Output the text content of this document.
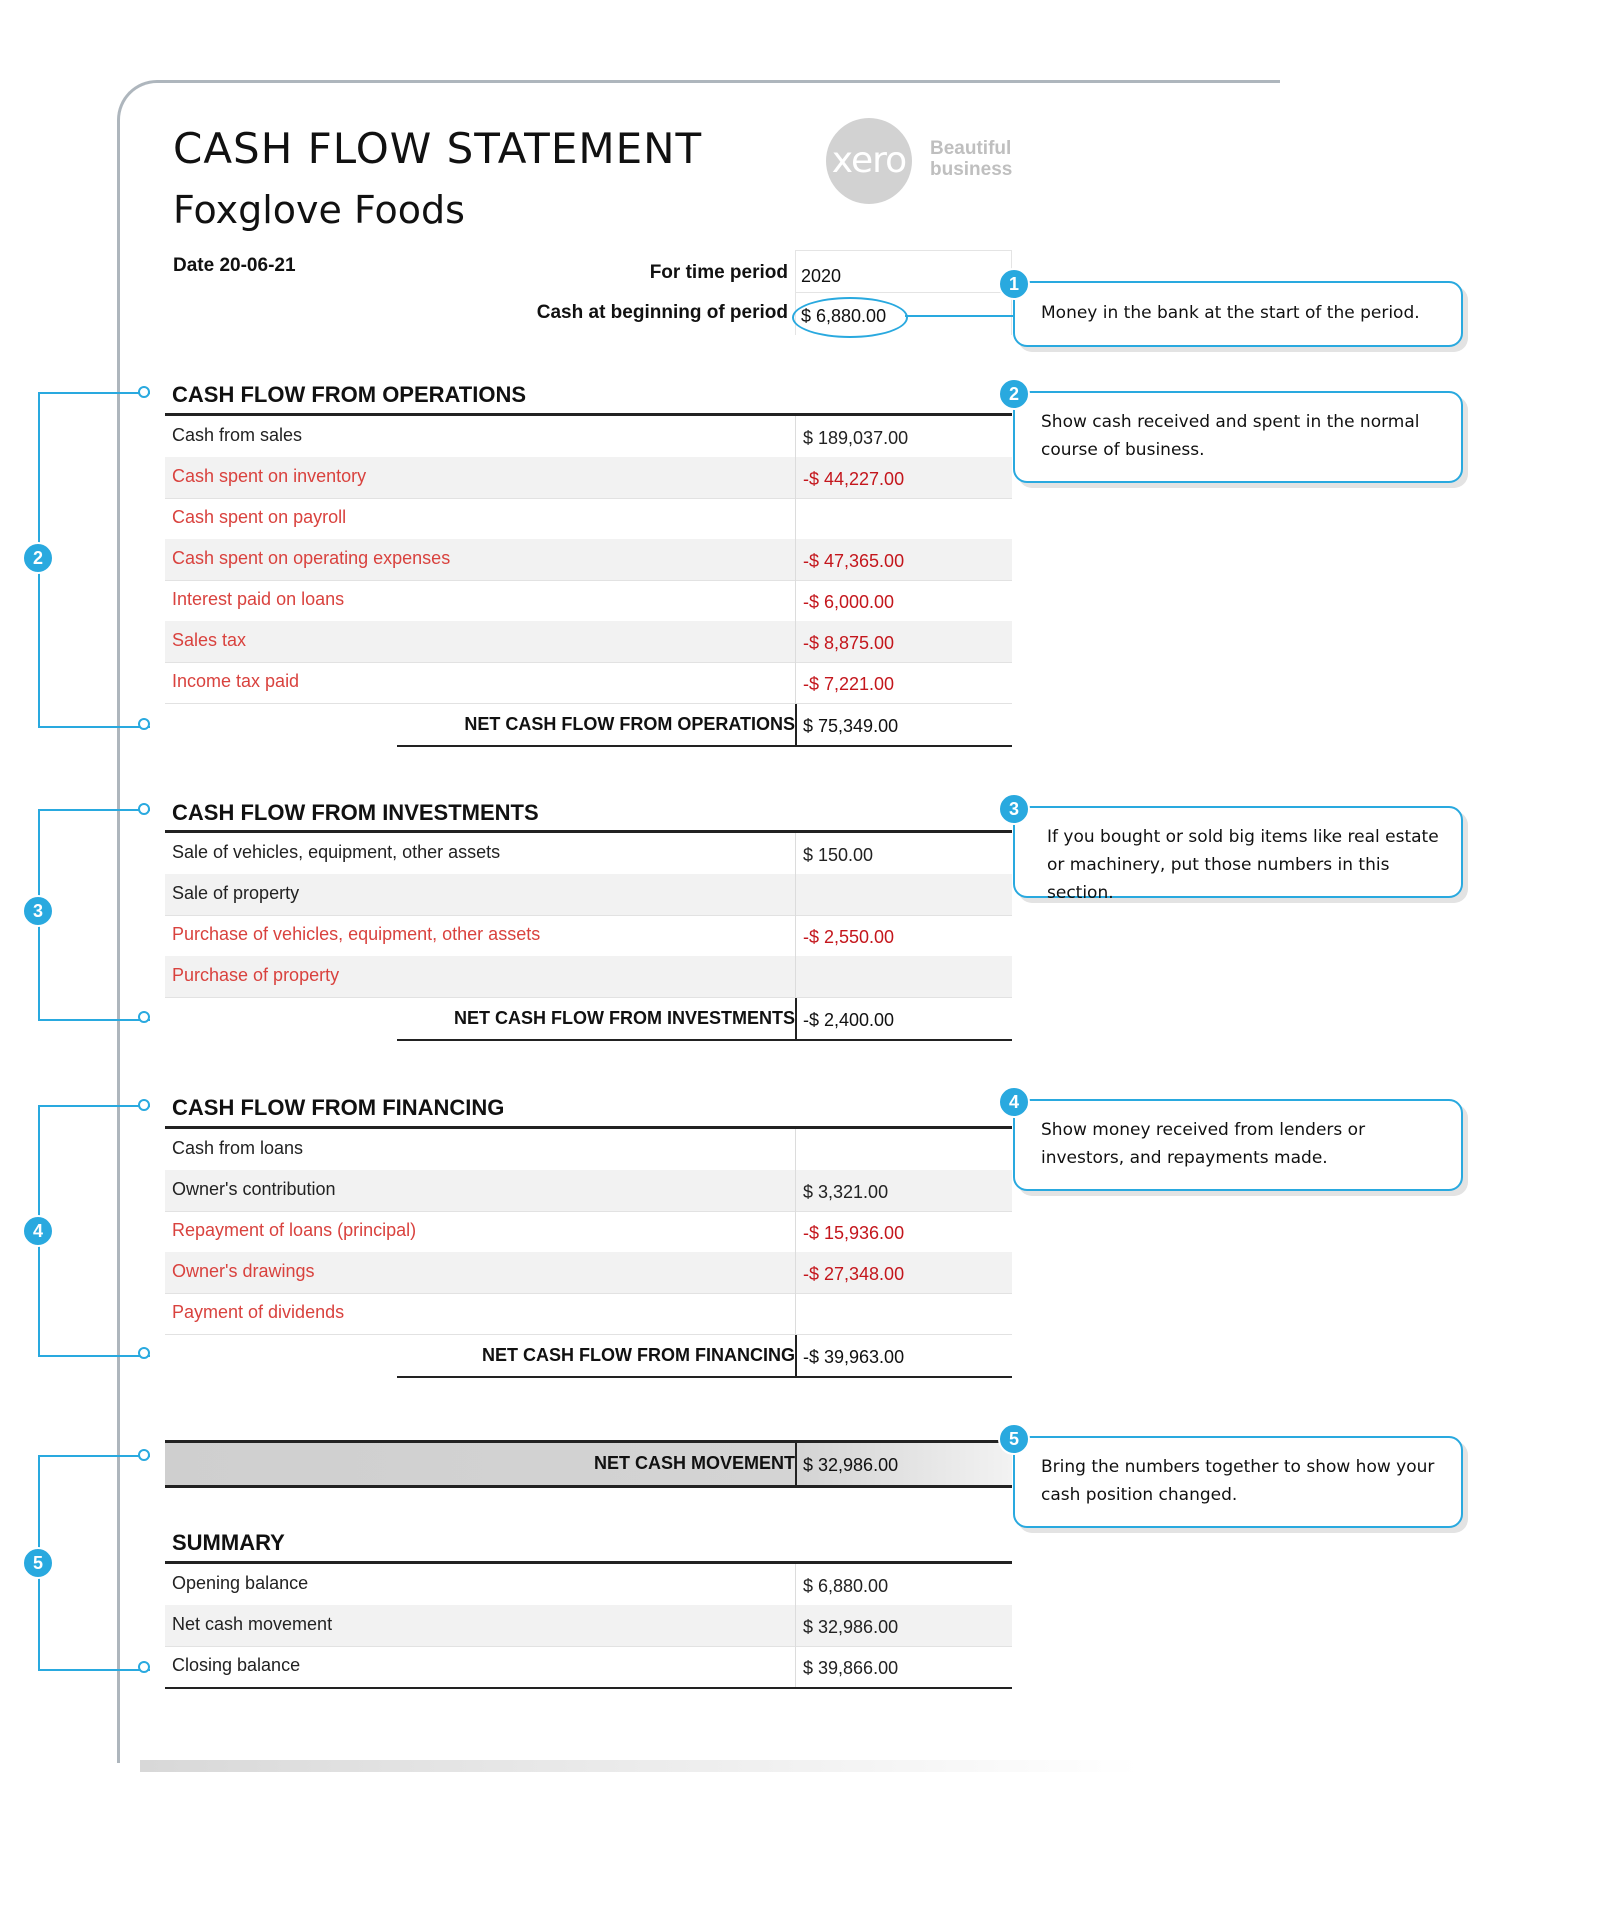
CASH FLOW STATEMENT
Foxglove Foods
xero	Beautiful
business
Date 20-06-21	For time period 2020
Cash at beginning of period $ 6,880.00
CASH FLOW FROM OPERATIONS
Cash from sales	$ 189,037.00
Cash spent on inventory	-$ 44,227.00
Cash spent on payroll
Cash spent on operating expenses	-$ 47,365.00
Interest paid on loans	-$ 6,000.00
Sales tax	-$ 8,875.00
Income tax paid	-$ 7,221.00
NET CASH FLOW FROM OPERATIONS $ 75,349.00
CASH FLOW FROM INVESTMENTS
Sale of vehicles, equipment, other assets	$ 150.00
Sale of property
Purchase of vehicles, equipment, other assets	-$ 2,550.00
Purchase of property
NET CASH FLOW FROM INVESTMENTS -$ 2,400.00
CASH FLOW FROM FINANCING
Cash from loans
Owner's contribution	$ 3,321.00
Repayment of loans (principal)	-$ 15,936.00
Owner's drawings	-$ 27,348.00
Payment of dividends
NET CASH FLOW FROM FINANCING -$ 39,963.00
NET CASH MOVEMENT $ 32,986.00
SUMMARY
Opening balance	$ 6,880.00
Net cash movement	$ 32,986.00
Closing balance	$ 39,866.00
2
3
4
5
Money in the bank at the start of the period.
1
Show cash received and spent in the normal
course of business.
2
If you bought or sold big items like real estate
or machinery, put those numbers in this section.
3
Show money received from lenders or
investors, and repayments made.
4
Bring the numbers together to show how your
cash position changed.
5
